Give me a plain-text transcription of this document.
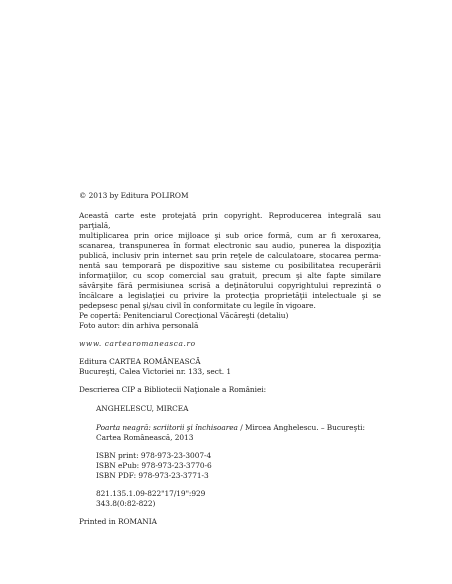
© 2013 by Editura POLIROM
Această carte este protejată prin copyright. Reproducerea integrală sau parţială,
multiplicarea prin orice mijloace şi sub orice formă, cum ar fi xeroxarea,
scanarea, transpunerea în format electronic sau audio, punerea la dispoziţia
publică, inclusiv prin internet sau prin reţele de calculatoare, stocarea perma-
nentă sau temporară pe dispozitive sau sisteme cu posibilitatea recuperării
informaţiilor, cu scop comercial sau gratuit, precum şi alte fapte similare
săvârşite fără permisiunea scrisă a deţinătorului copyrightului reprezintă o
încălcare a legislaţiei cu privire la protecţia proprietăţii intelectuale şi se
pedepsesc penal şi/sau civil în conformitate cu legile în vigoare.
Pe copertă: Penitenciarul Corecţional Văcăreşti (detaliu)
Foto autor: din arhiva personală
www. cartearomaneasca.ro
Editura CARTEA ROMÂNEASCĂ
Bucureşti, Calea Victoriei nr. 133, sect. 1
Descrierea CIP a Bibliotecii Naţionale a României:
ANGHELESCU, MIRCEA
Poarta neagră: scriitorii şi închisoarea / Mircea Anghelescu. – Bucureşti:
Cartea Românească, 2013
ISBN print: 978-973-23-3007-4
ISBN ePub: 978-973-23-3770-6
ISBN PDF: 978-973-23-3771-3
821.135.1.09-822"17/19":929
343.8(0:82-822)
Printed in ROMANIA
